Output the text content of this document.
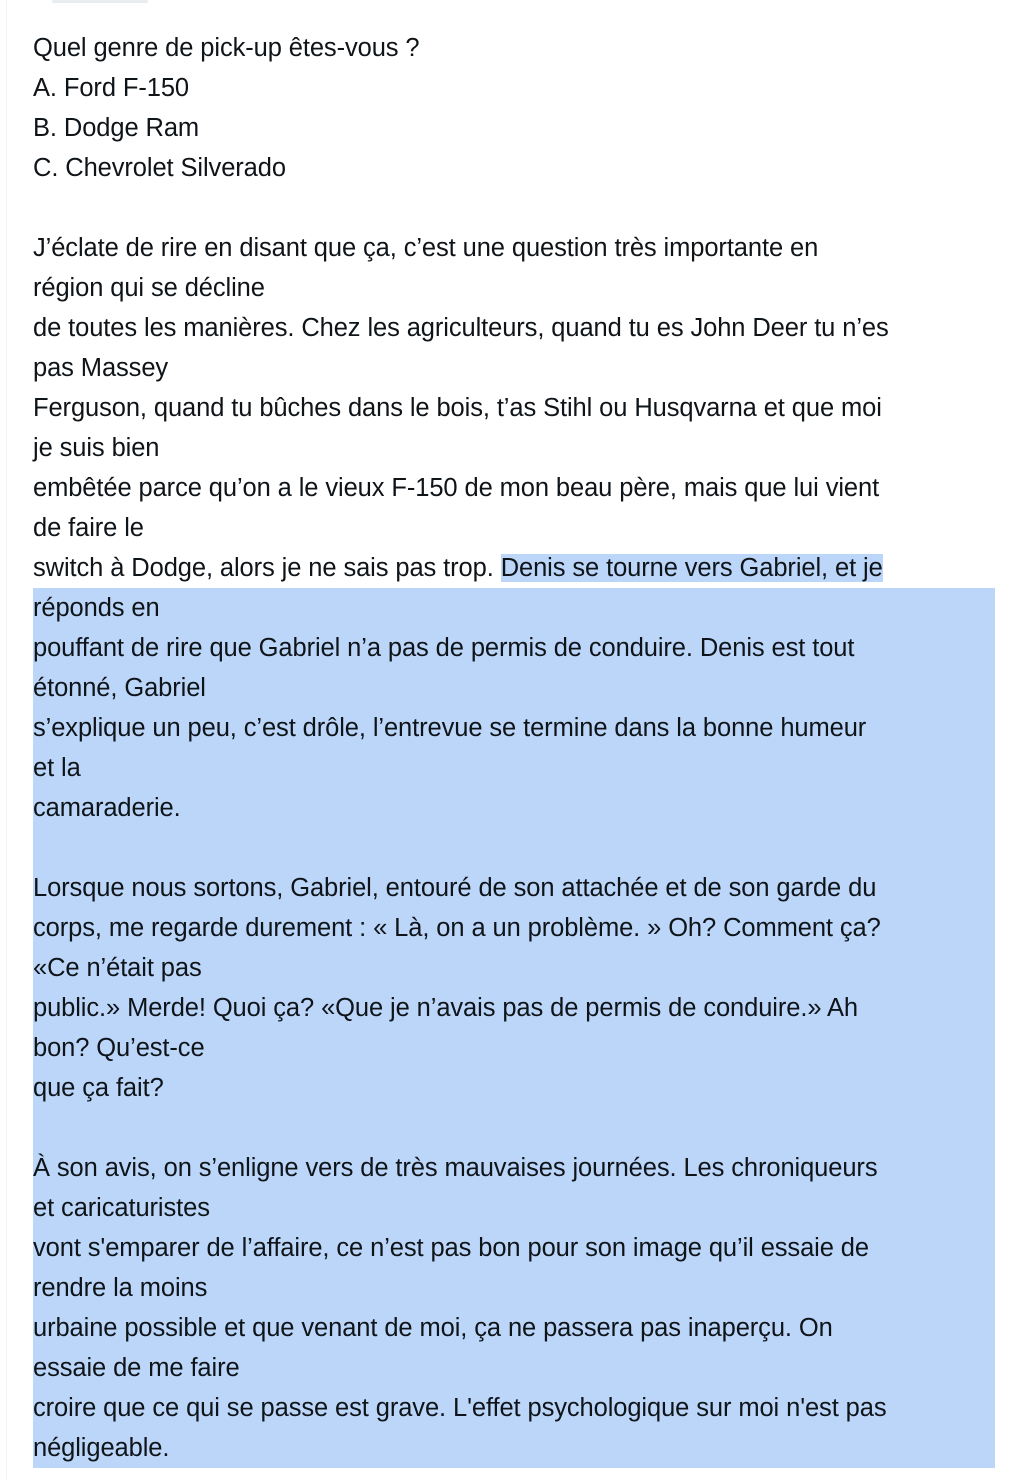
Quel genre de pick-up êtes-vous ?
A. Ford F-150
B. Dodge Ram
C. Chevrolet Silverado
J’éclate de rire en disant que ça, c’est une question très importante en
région qui se décline
de toutes les manières. Chez les agriculteurs, quand tu es John Deer tu n’es
pas Massey
Ferguson, quand tu bûches dans le bois, t’as Stihl ou Husqvarna et que moi
je suis bien
embêtée parce qu’on a le vieux F-150 de mon beau père, mais que lui vient
de faire le
switch à Dodge, alors je ne sais pas trop. Denis se tourne vers Gabriel, et je
réponds en
pouffant de rire que Gabriel n’a pas de permis de conduire. Denis est tout
étonné, Gabriel
s’explique un peu, c’est drôle, l’entrevue se termine dans la bonne humeur
et la
camaraderie.
Lorsque nous sortons, Gabriel, entouré de son attachée et de son garde du
corps, me regarde durement : « Là, on a un problème. » Oh? Comment ça?
«Ce n’était pas
public.» Merde! Quoi ça? «Que je n’avais pas de permis de conduire.» Ah
bon? Qu’est-ce
que ça fait?
À son avis, on s’enligne vers de très mauvaises journées. Les chroniqueurs
et caricaturistes
vont s'emparer de l’affaire, ce n’est pas bon pour son image qu’il essaie de
rendre la moins
urbaine possible et que venant de moi, ça ne passera pas inaperçu. On
essaie de me faire
croire que ce qui se passe est grave. L'effet psychologique sur moi n'est pas
négligeable.
